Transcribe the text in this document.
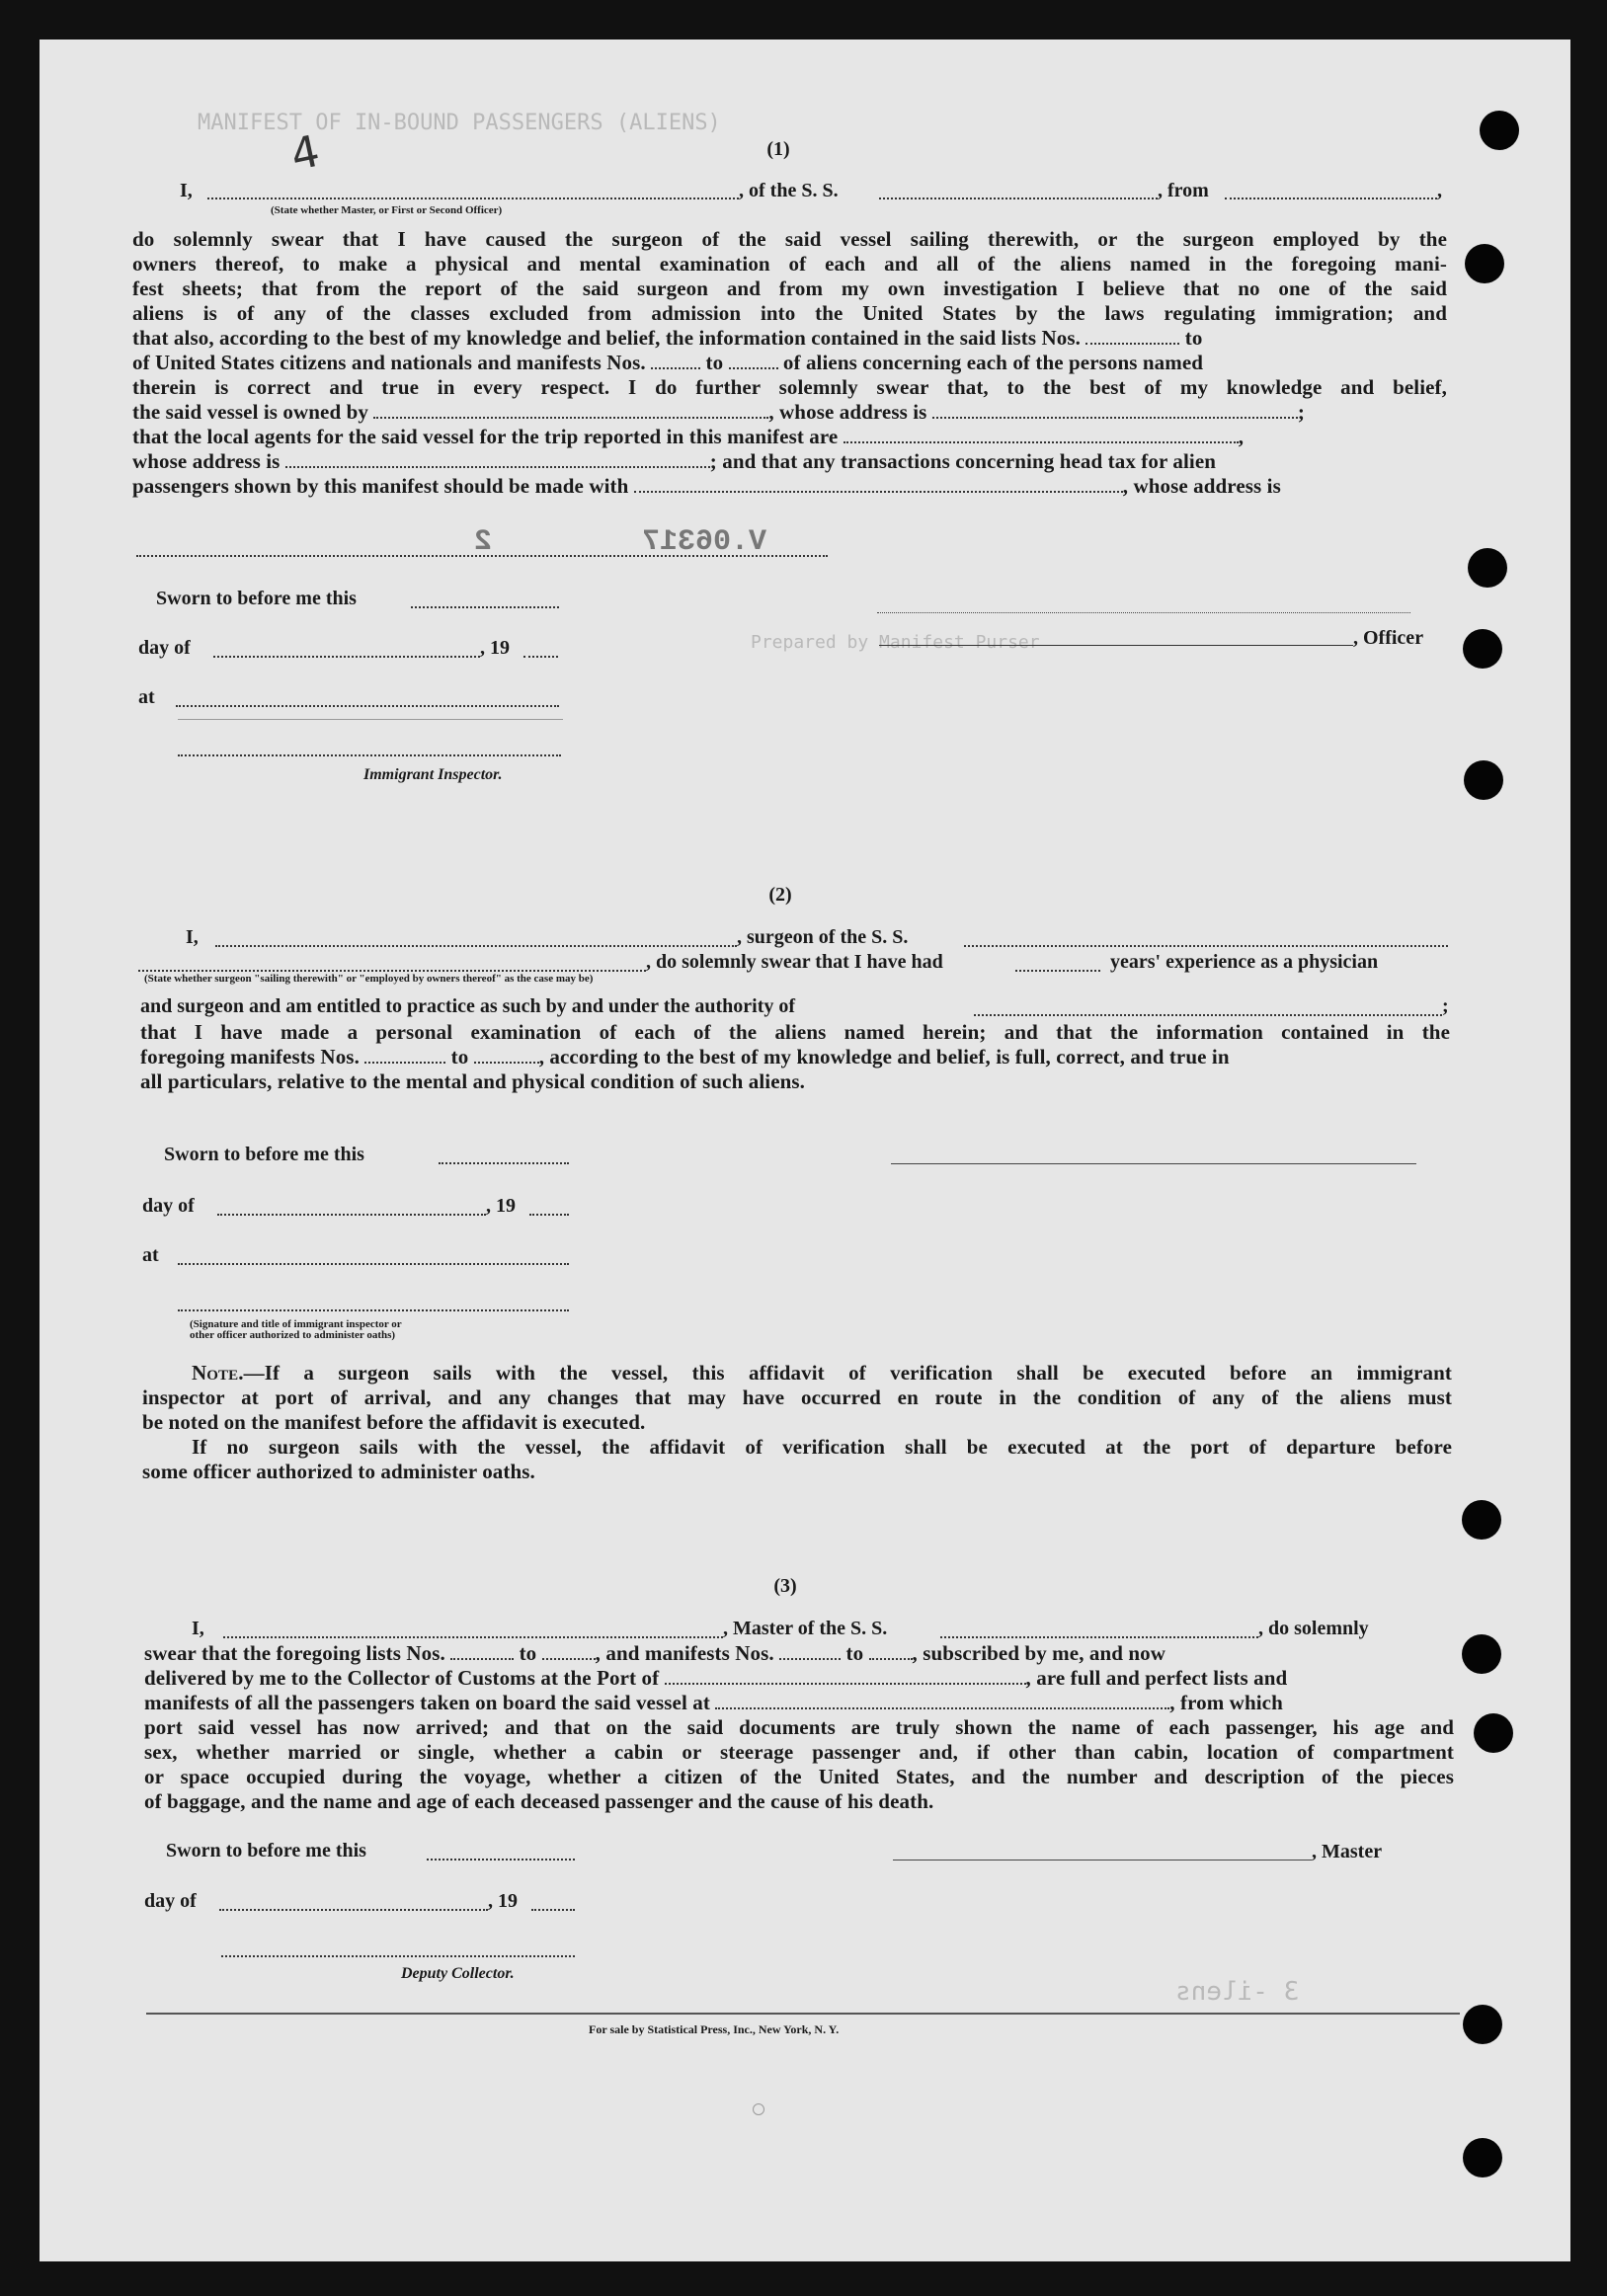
MANIFEST OF IN-BOUND PASSENGERS (ALIENS)
Prepared by Manifest Purser
3 -ilens
V.06317
2
(1)
4
I,	, of the S. S.	, from	,
(State whether Master, or First or Second Officer)

do solemnly swear that I have caused the surgeon of the said vessel sailing therewith, or the surgeon employed by the

owners thereof, to make a physical and mental examination of each and all of the aliens named in the foregoing mani-

fest sheets; that from the report of the said surgeon and from my own investigation I believe that no one of the said

aliens is of any of the classes excluded from admission into the United States by the laws regulating immigration; and

that also, according to the best of my knowledge and belief, the information contained in the said lists Nos.	to

of United States citizens and nationals and manifests Nos.	to	of aliens concerning each of the persons named

therein is correct and true in every respect. I do further solemnly swear that, to the best of my knowledge and belief,

the said vessel is owned by	, whose address is	;

that the local agents for the said vessel for the trip reported in this manifest are	,

whose address is	; and that any transactions concerning head tax for alien

passengers shown by this manifest should be made with	, whose address is

Sworn to before me this
day of	, 19	, Officer
at
Immigrant Inspector.
(2)
I,	, surgeon of the S. S.
, do solemnly swear that I have had	years' experience as a physician
(State whether surgeon "sailing therewith" or "employed by owners thereof" as the case may be)
and surgeon and am entitled to practice as such by and under the authority of	;

that I have made a personal examination of each of the aliens named herein; and that the information contained in the

foregoing manifests Nos.	to	, according to the best of my knowledge and belief, is full, correct, and true in

all particulars, relative to the mental and physical condition of such aliens.

Sworn to before me this
day of	, 19
at
(Signature and title of immigrant inspector or
other officer authorized to administer oaths)

Note.—If a surgeon sails with the vessel, this affidavit of verification shall be executed before an immigrant

inspector at port of arrival, and any changes that may have occurred en route in the condition of any of the aliens must

be noted on the manifest before the affidavit is executed.

If no surgeon sails with the vessel, the affidavit of verification shall be executed at the port of departure before

some officer authorized to administer oaths.

(3)
I,	, Master of the S. S.	, do solemnly

swear that the foregoing lists Nos.	to	, and manifests Nos.	to , subscribed by me, and now

delivered by me to the Collector of Customs at the Port of	, are full and perfect lists and

manifests of all the passengers taken on board the said vessel at	, from which

port said vessel has now arrived; and that on the said documents are truly shown the name of each passenger, his age and

sex, whether married or single, whether a cabin or steerage passenger and, if other than cabin, location of compartment

or space occupied during the voyage, whether a citizen of the United States, and the number and description of the pieces

of baggage, and the name and age of each deceased passenger and the cause of his death.

Sworn to before me this	, Master
day of	, 19
Deputy Collector.
For sale by Statistical Press, Inc., New York, N. Y.
